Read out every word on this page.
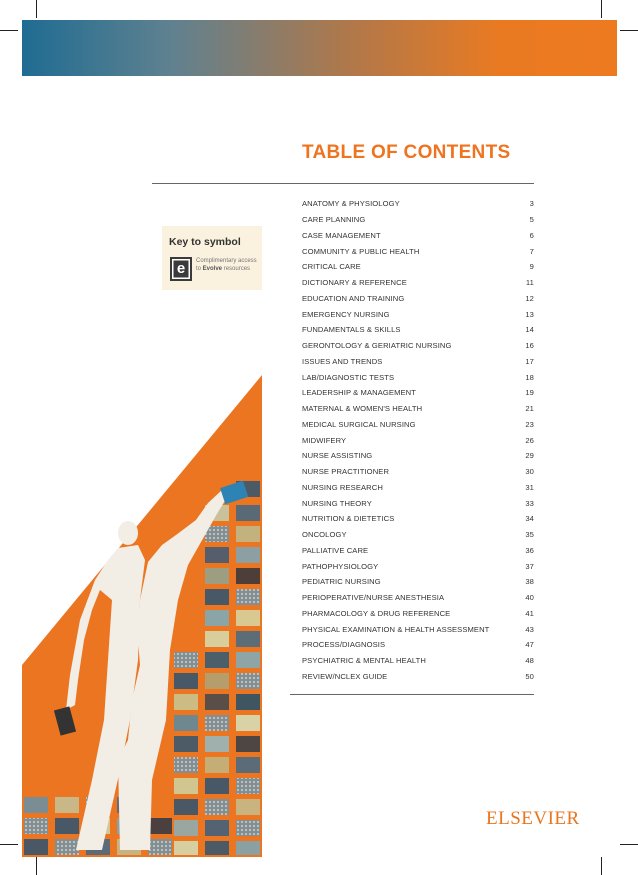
TABLE OF CONTENTS
Key to symbol
e	Complimentary access to Evolve resources
ANATOMY & PHYSIOLOGY	3
CARE PLANNING	5
CASE MANAGEMENT	6
COMMUNITY & PUBLIC HEALTH	7
CRITICAL CARE	9
DICTIONARY & REFERENCE	11
EDUCATION AND TRAINING	12
EMERGENCY NURSING	13
FUNDAMENTALS & SKILLS	14
GERONTOLOGY & GERIATRIC NURSING	16
ISSUES AND TRENDS	17
LAB/DIAGNOSTIC TESTS	18
LEADERSHIP & MANAGEMENT	19
MATERNAL & WOMEN'S HEALTH	21
MEDICAL SURGICAL NURSING	23
MIDWIFERY	26
NURSE ASSISTING	29
NURSE PRACTITIONER	30
NURSING RESEARCH	31
NURSING THEORY	33
NUTRITION & DIETETICS	34
ONCOLOGY	35
PALLIATIVE CARE	36
PATHOPHYSIOLOGY	37
PEDIATRIC NURSING	38
PERIOPERATIVE/NURSE ANESTHESIA	40
PHARMACOLOGY & DRUG REFERENCE	41
PHYSICAL EXAMINATION & HEALTH ASSESSMENT	43
PROCESS/DIAGNOSIS	47
PSYCHIATRIC & MENTAL HEALTH	48
REVIEW/NCLEX GUIDE	50
ELSEVIER
